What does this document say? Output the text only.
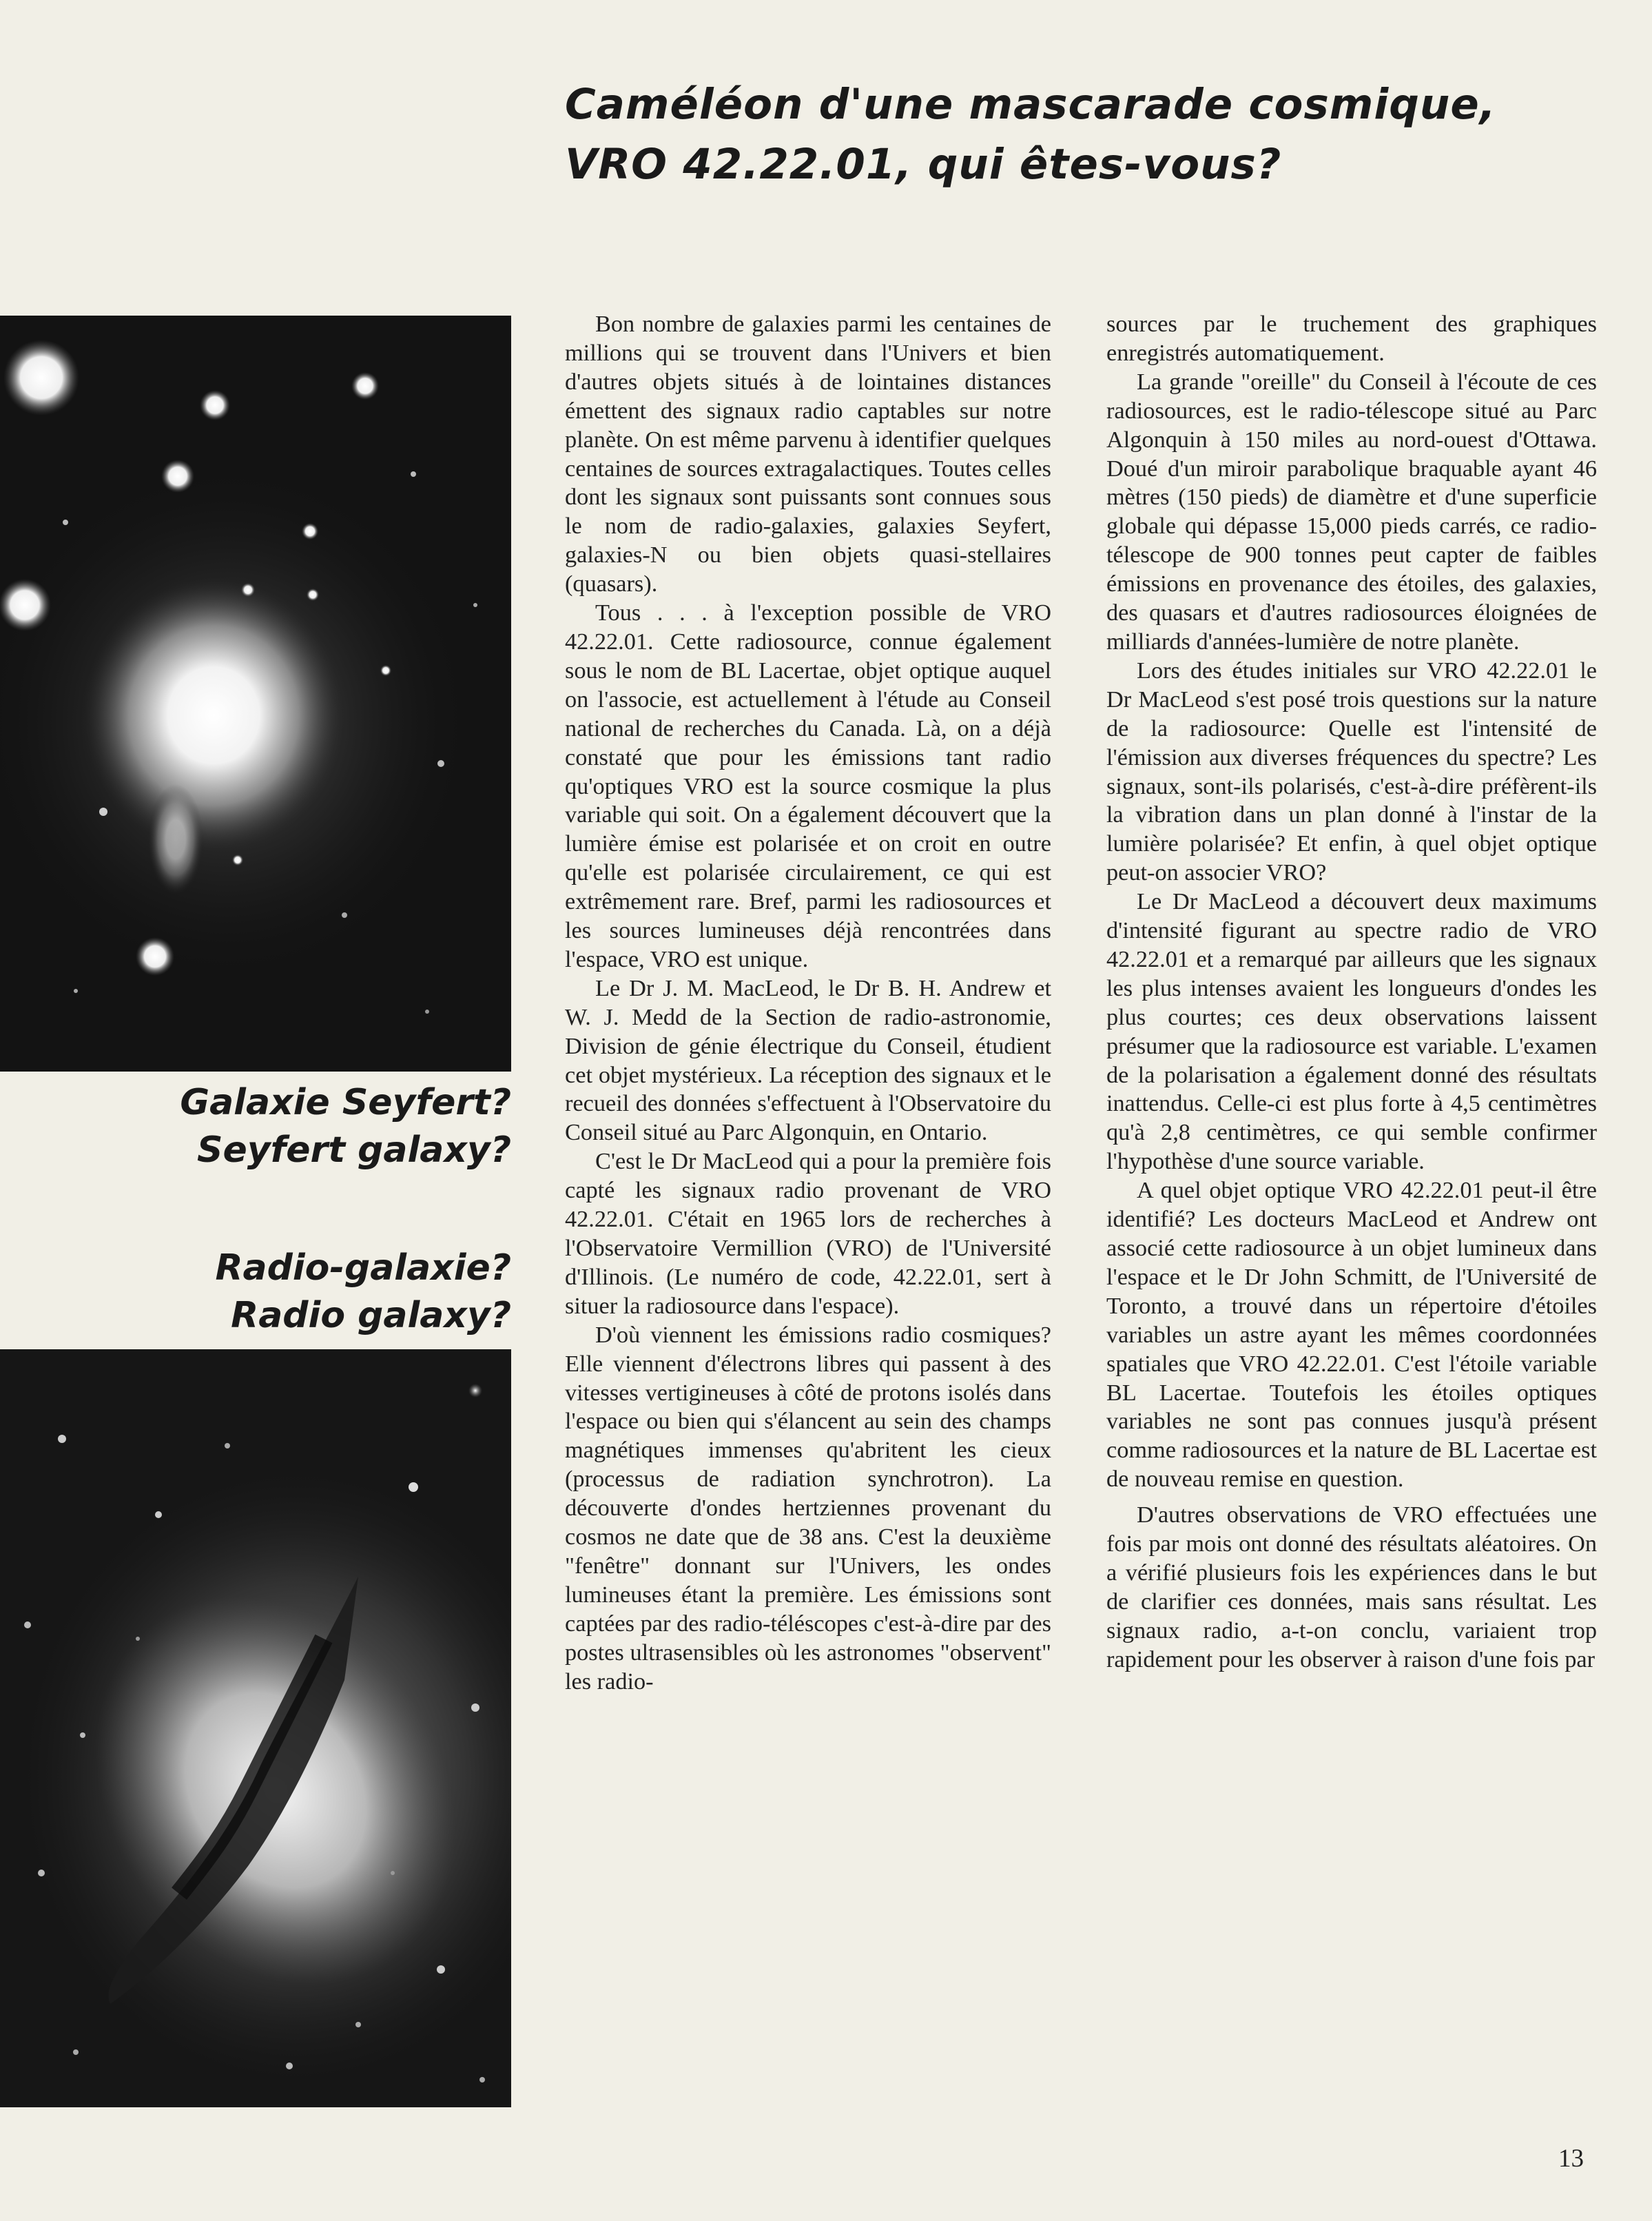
Caméléon d'une mascarade cosmique,
VRO 42.22.01, qui êtes-vous?
Galaxie Seyfert?
Seyfert galaxy?
Radio-galaxie?
Radio galaxy?

Bon nombre de galaxies parmi les centaines de millions qui se trouvent dans l'Univers et bien d'autres objets situés à de lointaines distances émettent des signaux radio captables sur notre planète. On est même parvenu à identifier quelques centaines de sources extragalactiques. Toutes celles dont les signaux sont puissants sont connues sous le nom de radio-galaxies, galaxies Seyfert, galaxies-N ou bien objets quasi-stellaires (quasars).

Tous . . . à l'exception possible de VRO 42.22.01. Cette radiosource, connue également sous le nom de BL Lacertae, objet optique auquel on l'associe, est actuellement à l'étude au Conseil national de recherches du Canada. Là, on a déjà constaté que pour les émissions tant radio qu'optiques VRO est la source cosmique la plus variable qui soit. On a également découvert que la lumière émise est polarisée et on croit en outre qu'elle est polarisée circulairement, ce qui est extrêmement rare. Bref, parmi les radiosources et les sources lumineuses déjà rencontrées dans l'espace, VRO est unique.

Le Dr J. M. MacLeod, le Dr B. H. Andrew et W. J. Medd de la Section de radio-astronomie, Division de génie électrique du Conseil, étudient cet objet mystérieux. La réception des signaux et le recueil des données s'effectuent à l'Observatoire du Conseil situé au Parc Algonquin, en Ontario.

C'est le Dr MacLeod qui a pour la première fois capté les signaux radio provenant de VRO 42.22.01. C'était en 1965 lors de recherches à l'Observatoire Vermillion (VRO) de l'Université d'Illinois. (Le numéro de code, 42.22.01, sert à situer la radiosource dans l'espace).

D'où viennent les émissions radio cosmiques? Elle viennent d'électrons libres qui passent à des vitesses vertigineuses à côté de protons isolés dans l'espace ou bien qui s'élancent au sein des champs magnétiques immenses qu'abritent les cieux (processus de radiation synchrotron). La découverte d'ondes hertziennes provenant du cosmos ne date que de 38 ans. C'est la deuxième "fenêtre" donnant sur l'Univers, les ondes lumineuses étant la première. Les émissions sont captées par des radio-téléscopes c'est-à-dire par des postes ultrasensibles où les astronomes "observent" les radio-

sources par le truchement des graphiques enregistrés automatiquement.

La grande "oreille" du Conseil à l'écoute de ces radiosources, est le radio-télescope situé au Parc Algonquin à 150 miles au nord-ouest d'Ottawa. Doué d'un miroir parabolique braquable ayant 46 mètres (150 pieds) de diamètre et d'une superficie globale qui dépasse 15,000 pieds carrés, ce radio-télescope de 900 tonnes peut capter de faibles émissions en provenance des étoiles, des galaxies, des quasars et d'autres radiosources éloignées de milliards d'années-lumière de notre planète.

Lors des études initiales sur VRO 42.22.01 le Dr MacLeod s'est posé trois questions sur la nature de la radiosource: Quelle est l'intensité de l'émission aux diverses fréquences du spectre? Les signaux, sont-ils polarisés, c'est-à-dire préfèrent-ils la vibration dans un plan donné à l'instar de la lumière polarisée? Et enfin, à quel objet optique peut-on associer VRO?

Le Dr MacLeod a découvert deux maximums d'intensité figurant au spectre radio de VRO 42.22.01 et a remarqué par ailleurs que les signaux les plus intenses avaient les longueurs d'ondes les plus courtes; ces deux observations laissent présumer que la radiosource est variable. L'examen de la polarisation a également donné des résultats inattendus. Celle-ci est plus forte à 4,5 centimètres qu'à 2,8 centimètres, ce qui semble confirmer l'hypothèse d'une source variable.

A quel objet optique VRO 42.22.01 peut-il être identifié? Les docteurs MacLeod et Andrew ont associé cette radiosource à un objet lumineux dans l'espace et le Dr John Schmitt, de l'Université de Toronto, a trouvé dans un répertoire d'étoiles variables un astre ayant les mêmes coordonnées spatiales que VRO 42.22.01. C'est l'étoile variable BL Lacertae. Toutefois les étoiles optiques variables ne sont pas connues jusqu'à présent comme radiosources et la nature de BL Lacertae est de nouveau remise en question.

D'autres observations de VRO effectuées une fois par mois ont donné des résultats aléatoires. On a vérifié plusieurs fois les expériences dans le but de clarifier ces données, mais sans résultat. Les signaux radio, a-t-on conclu, variaient trop rapidement pour les observer à raison d'une fois par

13
